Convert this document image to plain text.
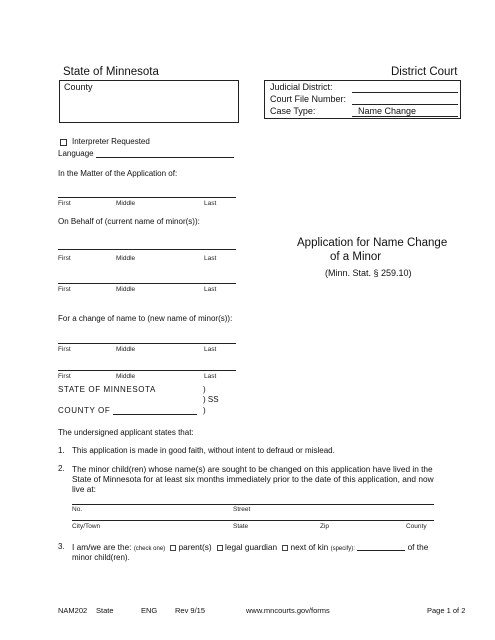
State of Minnesota	District Court
County	Judicial District:
Court File Number:
Case Type:	Name Change
Interpreter Requested
Language
In the Matter of the Application of:
First	Middle	Last
On Behalf of (current name of minor(s)):
First	Middle	Last
First	Middle	Last
Application for Name Change
of a Minor
(Minn. Stat. § 259.10)
For a change of name to (new name of minor(s)):
First	Middle	Last
First	Middle	Last
STATE OF MINNESOTA	)
) SS
COUNTY OF	)
The undersigned applicant states that:
1. This application is made in good faith, without intent to defraud or mislead.
2. The minor child(ren) whose name(s) are sought to be changed on this application have lived in the State of Minnesota for at least six months immediately prior to the date of this application, and now live at:
No.	Street
City/Town	State	Zip	County
3. I am/we are the: (check one) parent(s) legal guardian next of kin (specify):	of the
minor child(ren).
NAM202 State	ENG Rev 9/15	www.mncourts.gov/forms	Page 1 of 2
